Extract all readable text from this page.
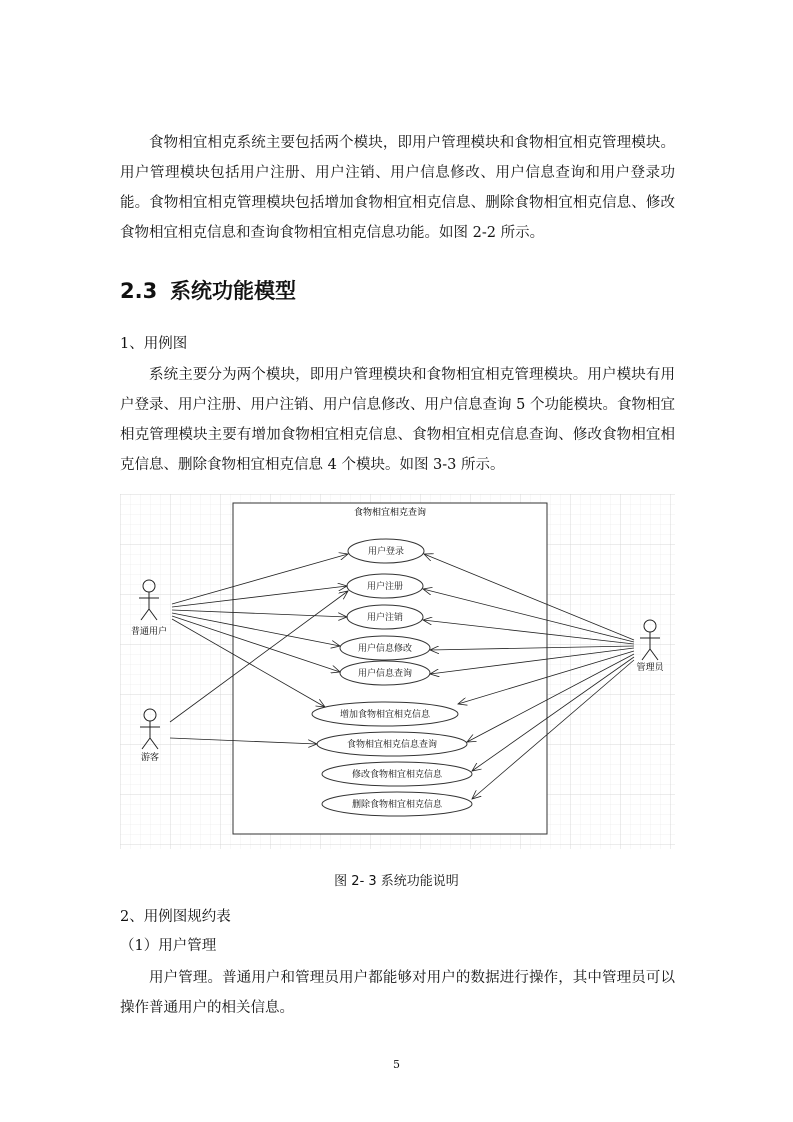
食物相宜相克系统主要包括两个模块，即用户管理模块和食物相宜相克管理模块。用户管理模块包括用户注册、用户注销、用户信息修改、用户信息查询和用户登录功能。食物相宜相克管理模块包括增加食物相宜相克信息、删除食物相宜相克信息、修改食物相宜相克信息和查询食物相宜相克信息功能。如图 2-2 所示。

2.3 系统功能模型

1、用例图

系统主要分为两个模块，即用户管理模块和食物相宜相克管理模块。用户模块有用户登录、用户注册、用户注销、用户信息修改、用户信息查询 5 个功能模块。食物相宜相克管理模块主要有增加食物相宜相克信息、食物相宜相克信息查询、修改食物相宜相克信息、删除食物相宜相克信息 4 个模块。如图 3-3 所示。

食物相宜相克查询
普通用户
游客
管理员
用户登录
用户注册
用户注销
用户信息修改
用户信息查询
增加食物相宜相克信息
食物相宜相克信息查询
修改食物相宜相克信息
删除食物相宜相克信息

图 2- 3 系统功能说明

2、用例图规约表

（1）用户管理

用户管理。普通用户和管理员用户都能够对用户的数据进行操作，其中管理员可以操作普通用户的相关信息。

5
